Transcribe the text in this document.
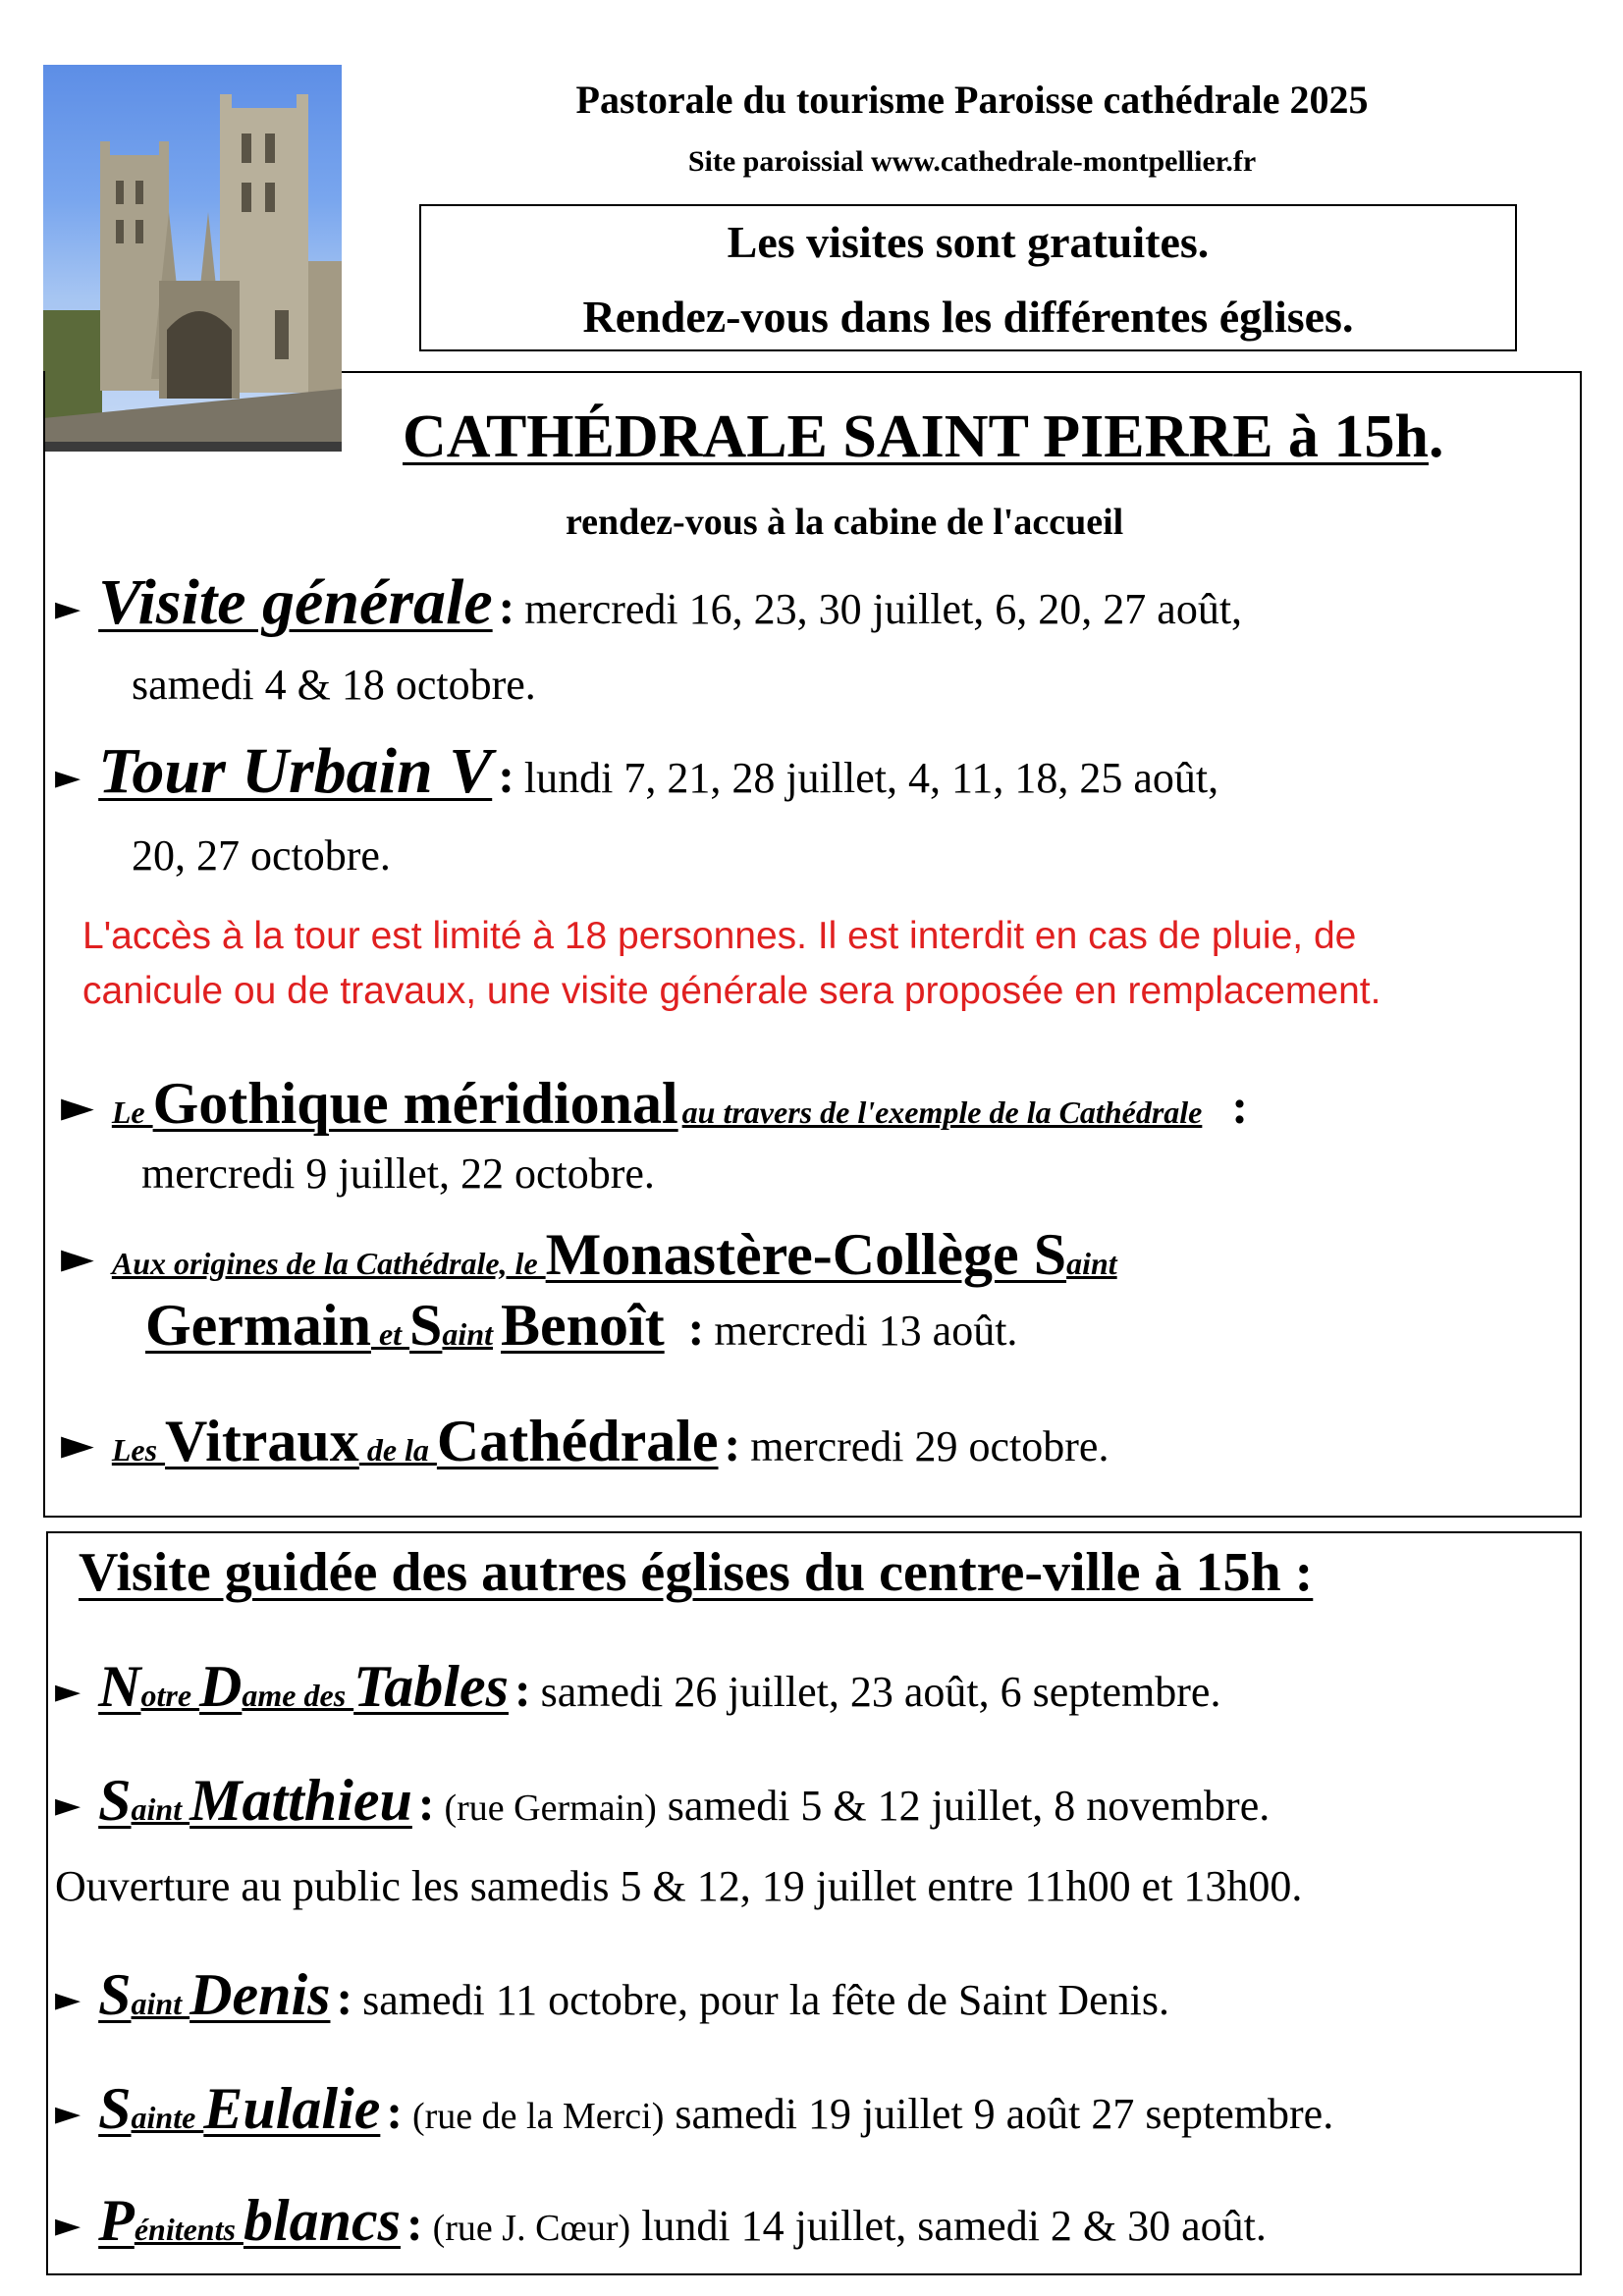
Pastorale du tourisme Paroisse cathédrale 2025
Site paroissial www.cathedrale-montpellier.fr
Les visites sont gratuites.
Rendez-vous dans les différentes églises.
CATHÉDRALE SAINT PIERRE à 15h.
rendez-vous à la cabine de l'accueil
► Visite générale : mercredi 16, 23, 30 juillet, 6, 20, 27 août,
samedi 4 & 18 octobre.
► Tour Urbain V : lundi 7, 21, 28 juillet, 4, 11, 18, 25 août,
20, 27 octobre.
L'accès à la tour est limité à 18 personnes. Il est interdit en cas de pluie, de
canicule ou de travaux, une visite générale sera proposée en remplacement.
► Le Gothique méridional au travers de l'exemple de la Cathédrale :
mercredi 9 juillet, 22 octobre.
► Aux origines de la Cathédrale, le Monastère-Collège Saint
Germain et Saint Benoît : mercredi 13 août.
► Les Vitraux de la Cathédrale : mercredi 29 octobre.
Visite guidée des autres églises du centre-ville à 15h :
► Notre Dame des Tables : samedi 26 juillet, 23 août, 6 septembre.
► Saint Matthieu : (rue Germain) samedi 5 & 12 juillet, 8 novembre.
Ouverture au public les samedis 5 & 12, 19 juillet entre 11h00 et 13h00.
► Saint Denis : samedi 11 octobre, pour la fête de Saint Denis.
► Sainte Eulalie : (rue de la Merci) samedi 19 juillet 9 août 27 septembre.
► Pénitents blancs : (rue J. Cœur) lundi 14 juillet, samedi 2 & 30 août.
